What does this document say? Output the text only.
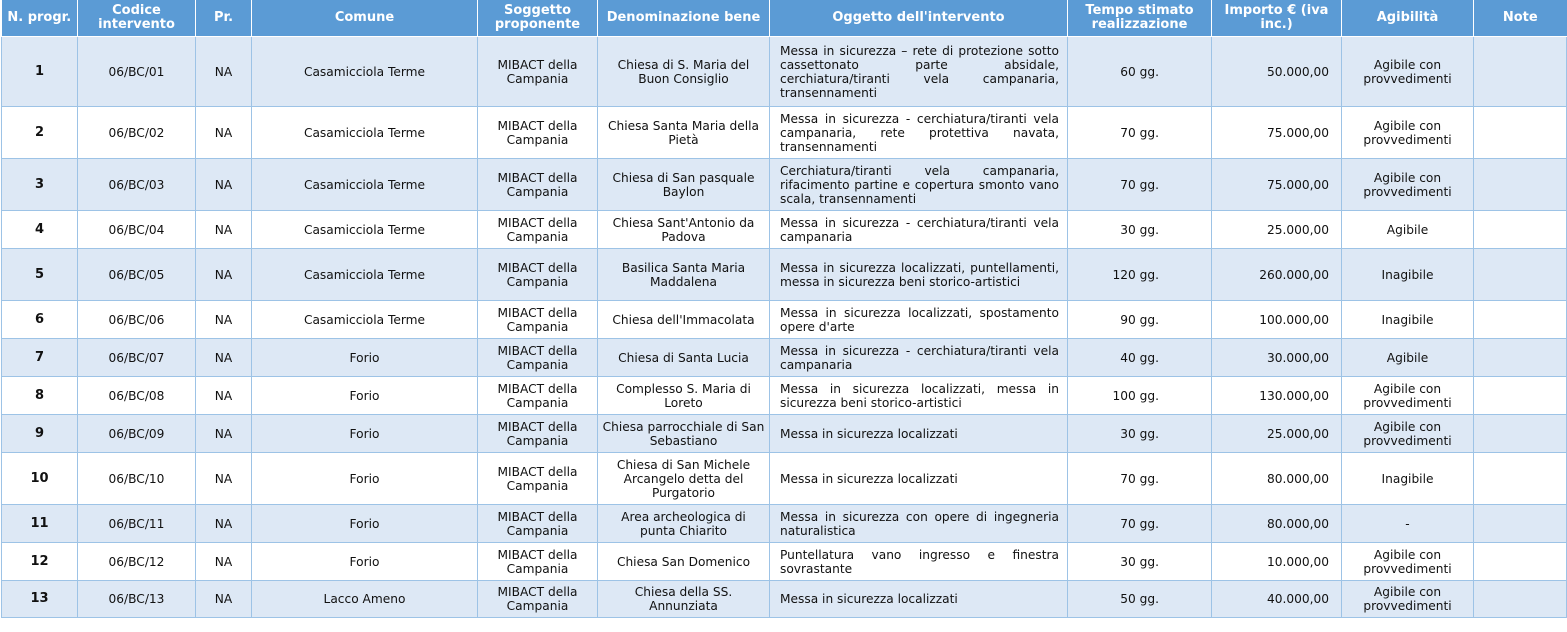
N. progr.	Codice intervento	Pr.	Comune	Soggetto proponente	Denominazione bene	Oggetto dell'intervento	Tempo stimato realizzazione	Importo € (iva inc.)	Agibilità	Note
1	06/BC/01	NA	Casamicciola Terme	MIBACT della Campania	Chiesa di S. Maria del Buon Consiglio	Messa in sicurezza – rete di protezione sotto cassettonato parte absidale, cerchiatura/tiranti vela campanaria, transennamenti	60 gg.	50.000,00	Agibile con provvedimenti	
2	06/BC/02	NA	Casamicciola Terme	MIBACT della Campania	Chiesa Santa Maria della Pietà	Messa in sicurezza - cerchiatura/tiranti vela campanaria, rete protettiva navata, transennamenti	70 gg.	75.000,00	Agibile con provvedimenti	
3	06/BC/03	NA	Casamicciola Terme	MIBACT della Campania	Chiesa di San pasquale Baylon	Cerchiatura/tiranti vela campanaria, rifacimento partine e copertura smonto vano scala, transennamenti	70 gg.	75.000,00	Agibile con provvedimenti	
4	06/BC/04	NA	Casamicciola Terme	MIBACT della Campania	Chiesa Sant'Antonio da Padova	Messa in sicurezza - cerchiatura/tiranti vela campanaria	30 gg.	25.000,00	Agibile	
5	06/BC/05	NA	Casamicciola Terme	MIBACT della Campania	Basilica Santa Maria Maddalena	Messa in sicurezza localizzati, puntellamenti, messa in sicurezza beni storico-artistici	120 gg.	260.000,00	Inagibile	
6	06/BC/06	NA	Casamicciola Terme	MIBACT della Campania	Chiesa dell'Immacolata	Messa in sicurezza localizzati, spostamento opere d'arte	90 gg.	100.000,00	Inagibile	
7	06/BC/07	NA	Forio	MIBACT della Campania	Chiesa di Santa Lucia	Messa in sicurezza - cerchiatura/tiranti vela campanaria	40 gg.	30.000,00	Agibile	
8	06/BC/08	NA	Forio	MIBACT della Campania	Complesso S. Maria di Loreto	Messa in sicurezza localizzati, messa in sicurezza beni storico-artistici	100 gg.	130.000,00	Agibile con provvedimenti	
9	06/BC/09	NA	Forio	MIBACT della Campania	Chiesa parrocchiale di San Sebastiano	Messa in sicurezza localizzati	30 gg.	25.000,00	Agibile con provvedimenti	
10	06/BC/10	NA	Forio	MIBACT della Campania	Chiesa di San Michele Arcangelo detta del Purgatorio	Messa in sicurezza localizzati	70 gg.	80.000,00	Inagibile	
11	06/BC/11	NA	Forio	MIBACT della Campania	Area archeologica di punta Chiarito	Messa in sicurezza con opere di ingegneria naturalistica	70 gg.	80.000,00	-	
12	06/BC/12	NA	Forio	MIBACT della Campania	Chiesa San Domenico	Puntellatura vano ingresso e finestra sovrastante	30 gg.	10.000,00	Agibile con provvedimenti	
13	06/BC/13	NA	Lacco Ameno	MIBACT della Campania	Chiesa della SS. Annunziata	Messa in sicurezza localizzati	50 gg.	40.000,00	Agibile con provvedimenti	
